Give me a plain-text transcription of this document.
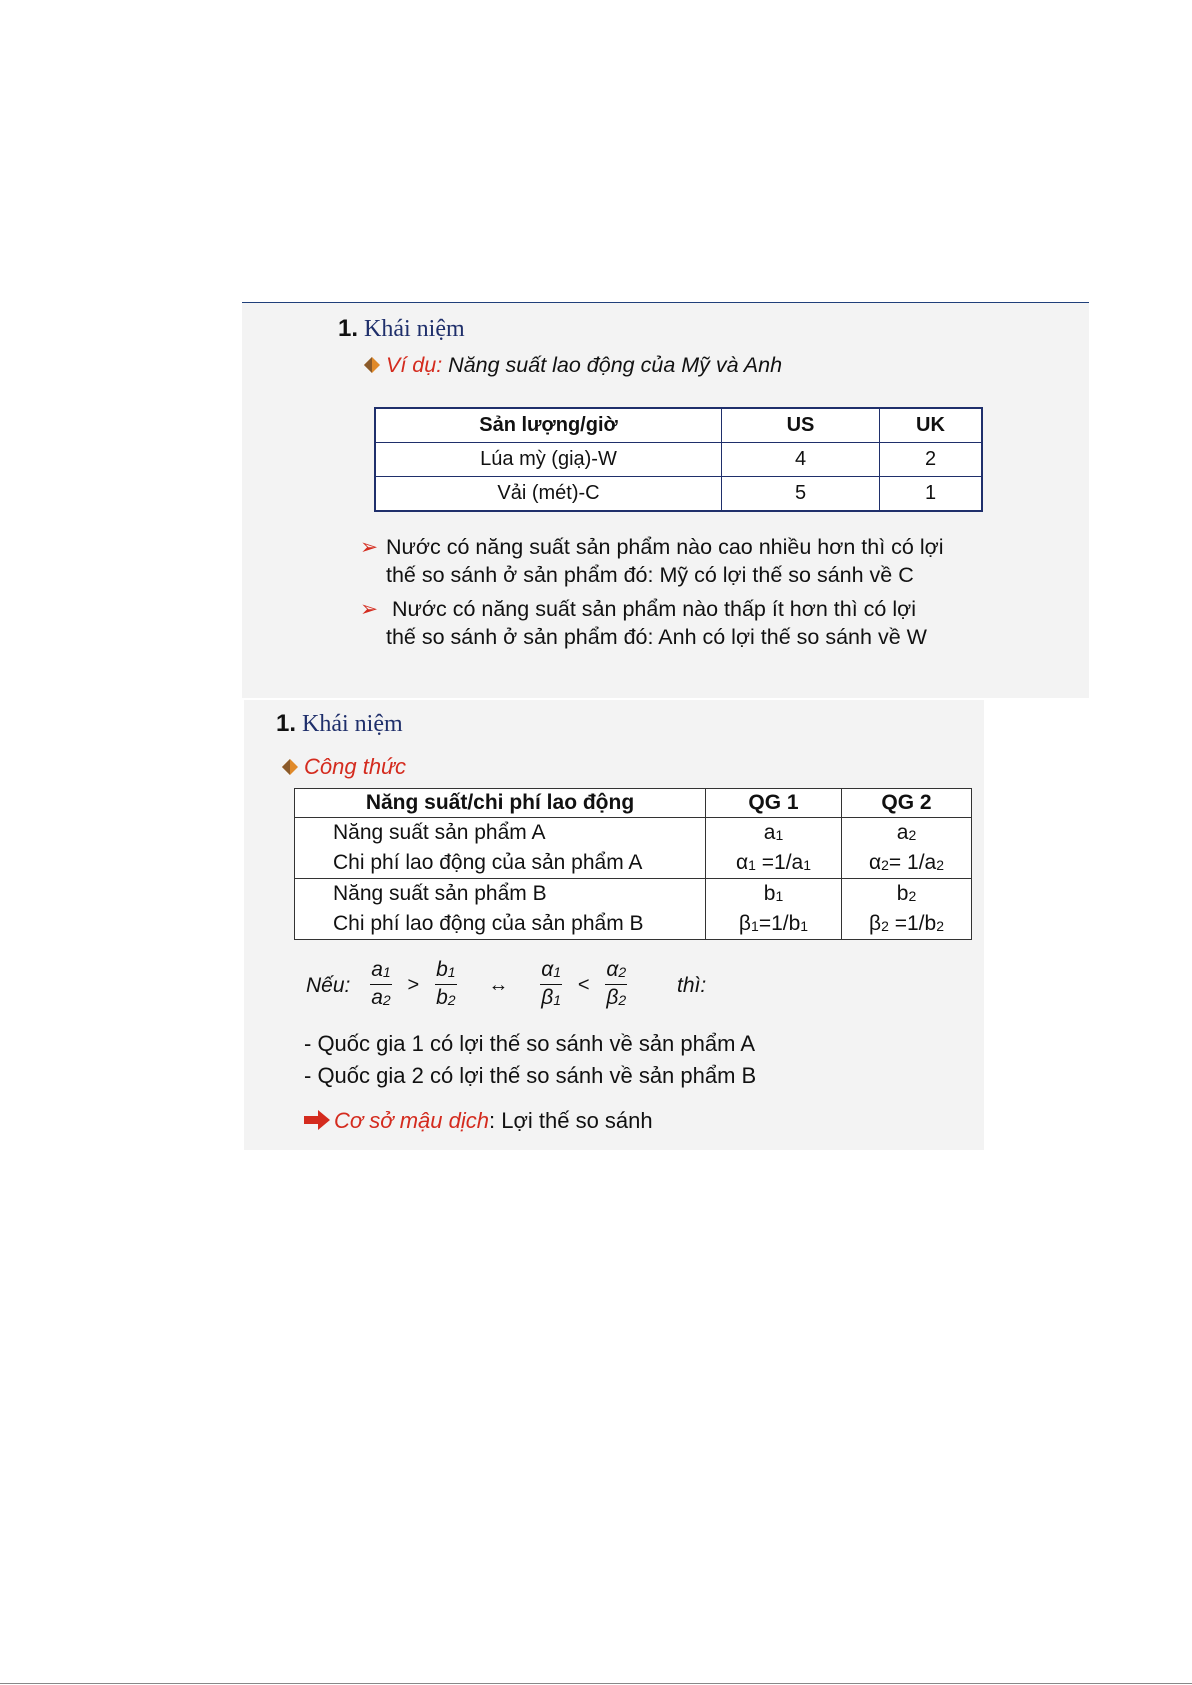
1. Khái niệm
Ví dụ: Năng suất lao động của Mỹ và Anh
Sản lượng/giờ	US	UK
Lúa mỳ (giạ)-W	4	2
Vải (mét)-C	5	1
➢ Nước có năng suất sản phẩm nào cao nhiều hơn thì có lợi
thế so sánh ở sản phẩm đó: Mỹ có lợi thế so sánh về C
➢ Nước có năng suất sản phẩm nào thấp ít hơn thì có lợi
thế so sánh ở sản phẩm đó: Anh có lợi thế so sánh về W
1. Khái niệm
Công thức
Năng suất/chi phí lao động	QG 1	QG 2
Năng suất sản phẩm A	$a_1$	$a_2$
Chi phí lao động của sản phẩm A	$\alpha_1 =1/a_1$	$\alpha_2= 1/a_2$
Năng suất sản phẩm B	$b_1$	$b_2$
Chi phí lao động của sản phẩm B	$\beta_1=1/b_1$	$\beta_2 =1/b_2$
Nếu: $\frac{a_1}{a_2} > \frac{b_1}{b_2}$ ↔ $\frac{\alpha_1}{\beta_1} < \frac{\alpha_2}{\beta_2}$ thì:
- Quốc gia 1 có lợi thế so sánh về sản phẩm A
- Quốc gia 2 có lợi thế so sánh về sản phẩm B
Cơ sở mậu dịch: Lợi thế so sánh
